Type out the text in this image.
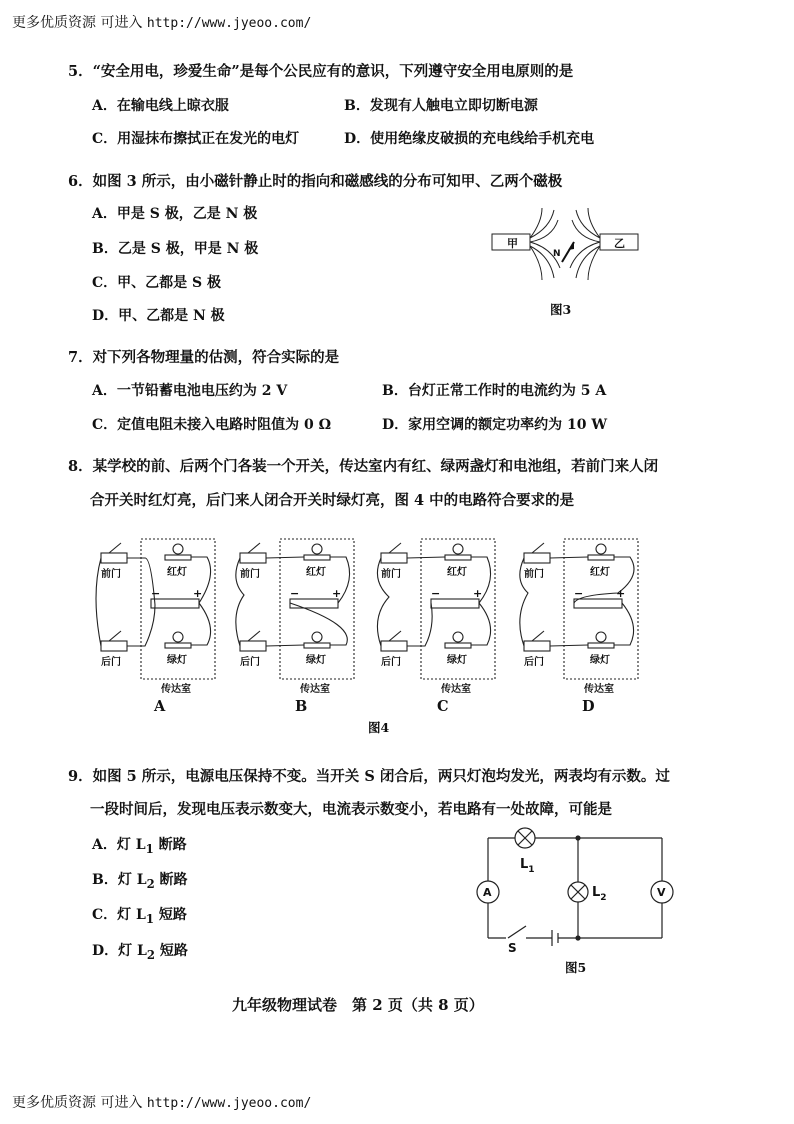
更多优质资源 可进入 http://www.jyeoo.com/
更多优质资源 可进入 http://www.jyeoo.com/
5．“安全用电，珍爱生命”是每个公民应有的意识，下列遵守安全用电原则的是
A．在输电线上晾衣服	B．发现有人触电立即切断电源
C．用湿抹布擦拭正在发光的电灯	D．使用绝缘皮破损的充电线给手机充电
6．如图 3 所示，由小磁针静止时的指向和磁感线的分布可知甲、乙两个磁极
A．甲是 S 极，乙是 N 极
B．乙是 S 极，甲是 N 极
C．甲、乙都是 S 极
D．甲、乙都是 N 极
甲	乙
N
图3
7．对下列各物理量的估测，符合实际的是
A．一节铅蓄电池电压约为 2 V	B．台灯正常工作时的电流约为 5 A
C．定值电阻未接入电路时阻值为 0 Ω	D．家用空调的额定功率约为 10 W
8．某学校的前、后两个门各装一个开关，传达室内有红、绿两盏灯和电池组，若前门来人闭
合开关时红灯亮，后门来人闭合开关时绿灯亮，图 4 中的电路符合要求的是
前门
后门
红灯
绿灯
−	+
传达室
A
前门
后门
红灯
绿灯
−	+
传达室
B
前门
后门
红灯
绿灯
−	+
传达室
C
前门
后门
红灯
绿灯
−	+
传达室
D
图4
9．如图 5 所示，电源电压保持不变。当开关 S 闭合后，两只灯泡均发光，两表均有示数。过
一段时间后，发现电压表示数变大，电流表示数变小，若电路有一处故障，可能是
A．灯 $L_1$ 断路
B．灯 $L_2$ 断路
C．灯 $L_1$ 短路
D．灯 $L_2$ 短路
A	V
$L_1$
$L_2$
S
图5
九年级物理试卷　第 2 页（共 8 页）
